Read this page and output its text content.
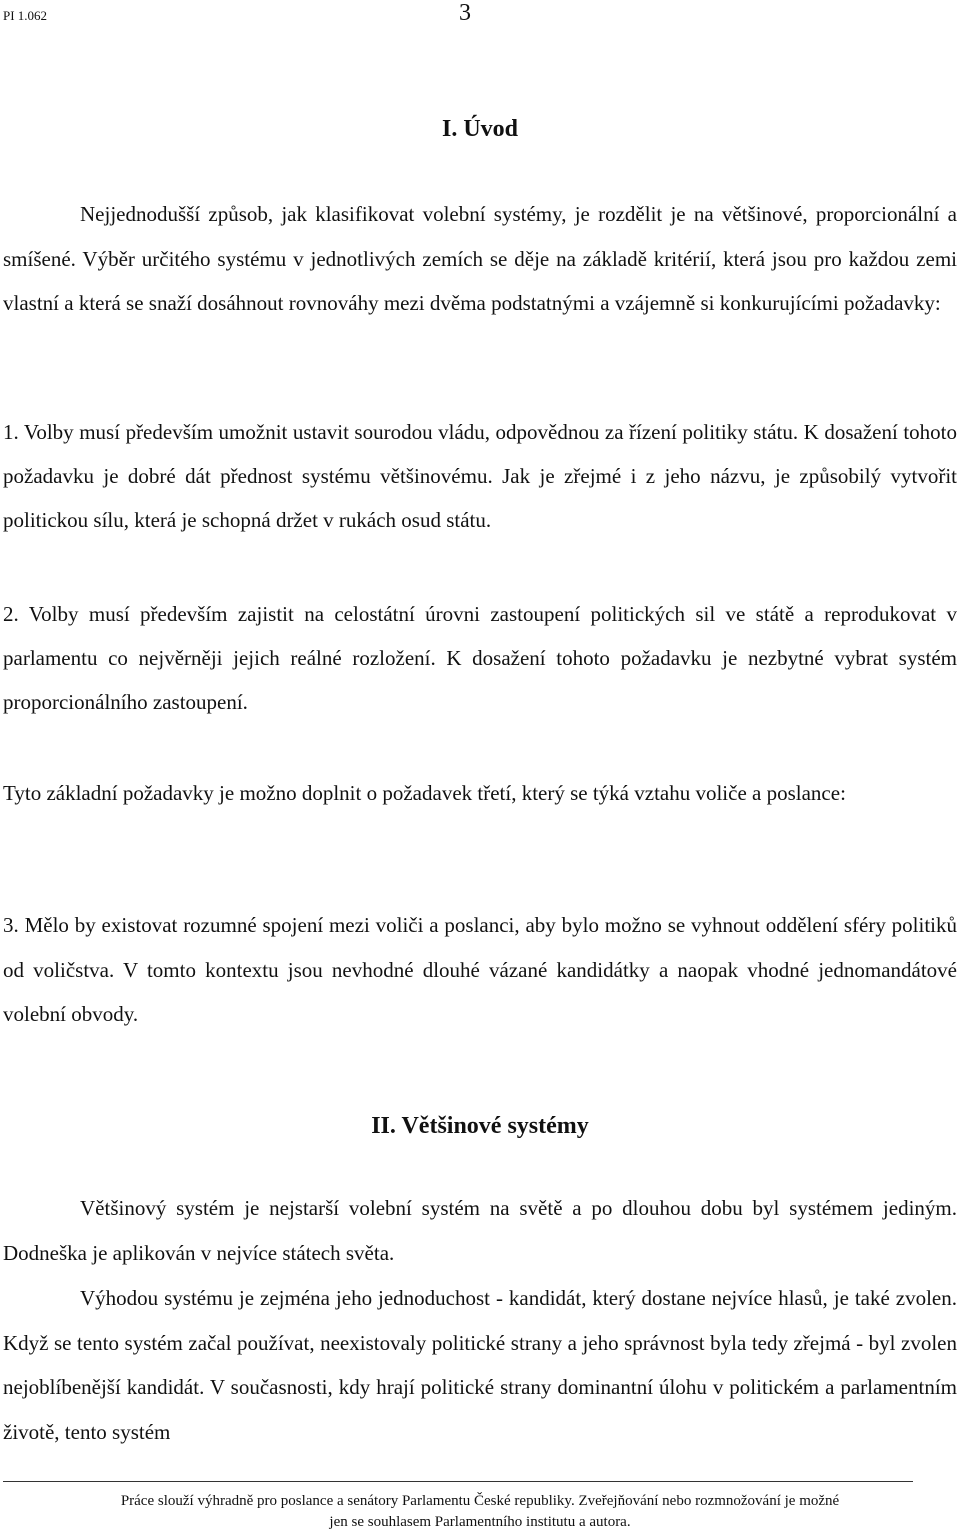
PI 1.062	3
I. Úvod
Nejjednodušší způsob, jak klasifikovat volební systémy, je rozdělit je na většinové, proporcionální a smíšené. Výběr určitého systému v jednotlivých zemích se děje na základě kritérií, která jsou pro každou zemi vlastní a která se snaží dosáhnout rovnováhy mezi dvěma podstatnými a vzájemně si konkurujícími požadavky:
1. Volby musí především umožnit ustavit sourodou vládu, odpovědnou za řízení politiky státu. K dosažení tohoto požadavku je dobré dát přednost systému většinovému. Jak je zřejmé i z jeho názvu, je způsobilý vytvořit politickou sílu, která je schopná držet v rukách osud státu.
2. Volby musí především zajistit na celostátní úrovni zastoupení politických sil ve státě a reprodukovat v parlamentu co nejvěrněji jejich reálné rozložení. K dosažení tohoto požadavku je nezbytné vybrat systém proporcionálního zastoupení.
Tyto základní požadavky je možno doplnit o požadavek třetí, který se týká vztahu voliče a poslance:
3. Mělo by existovat rozumné spojení mezi voliči a poslanci, aby bylo možno se vyhnout oddělení sféry politiků od voličstva. V tomto kontextu jsou nevhodné dlouhé vázané kandidátky a naopak vhodné jednomandátové volební obvody.
II. Většinové systémy
Většinový systém je nejstarší volební systém na světě a po dlouhou dobu byl systémem jediným. Dodneška je aplikován v nejvíce státech světa.
Výhodou systému je zejména jeho jednoduchost - kandidát, který dostane nejvíce hlasů, je také zvolen. Když se tento systém začal používat, neexistovaly politické strany a jeho správnost byla tedy zřejmá - byl zvolen nejoblíbenější kandidát. V současnosti, kdy hrají politické strany dominantní úlohu v politickém a parlamentním životě, tento systém
Práce slouží výhradně pro poslance a senátory Parlamentu České republiky. Zveřejňování nebo rozmnožování je možné
jen se souhlasem Parlamentního institutu a autora.
